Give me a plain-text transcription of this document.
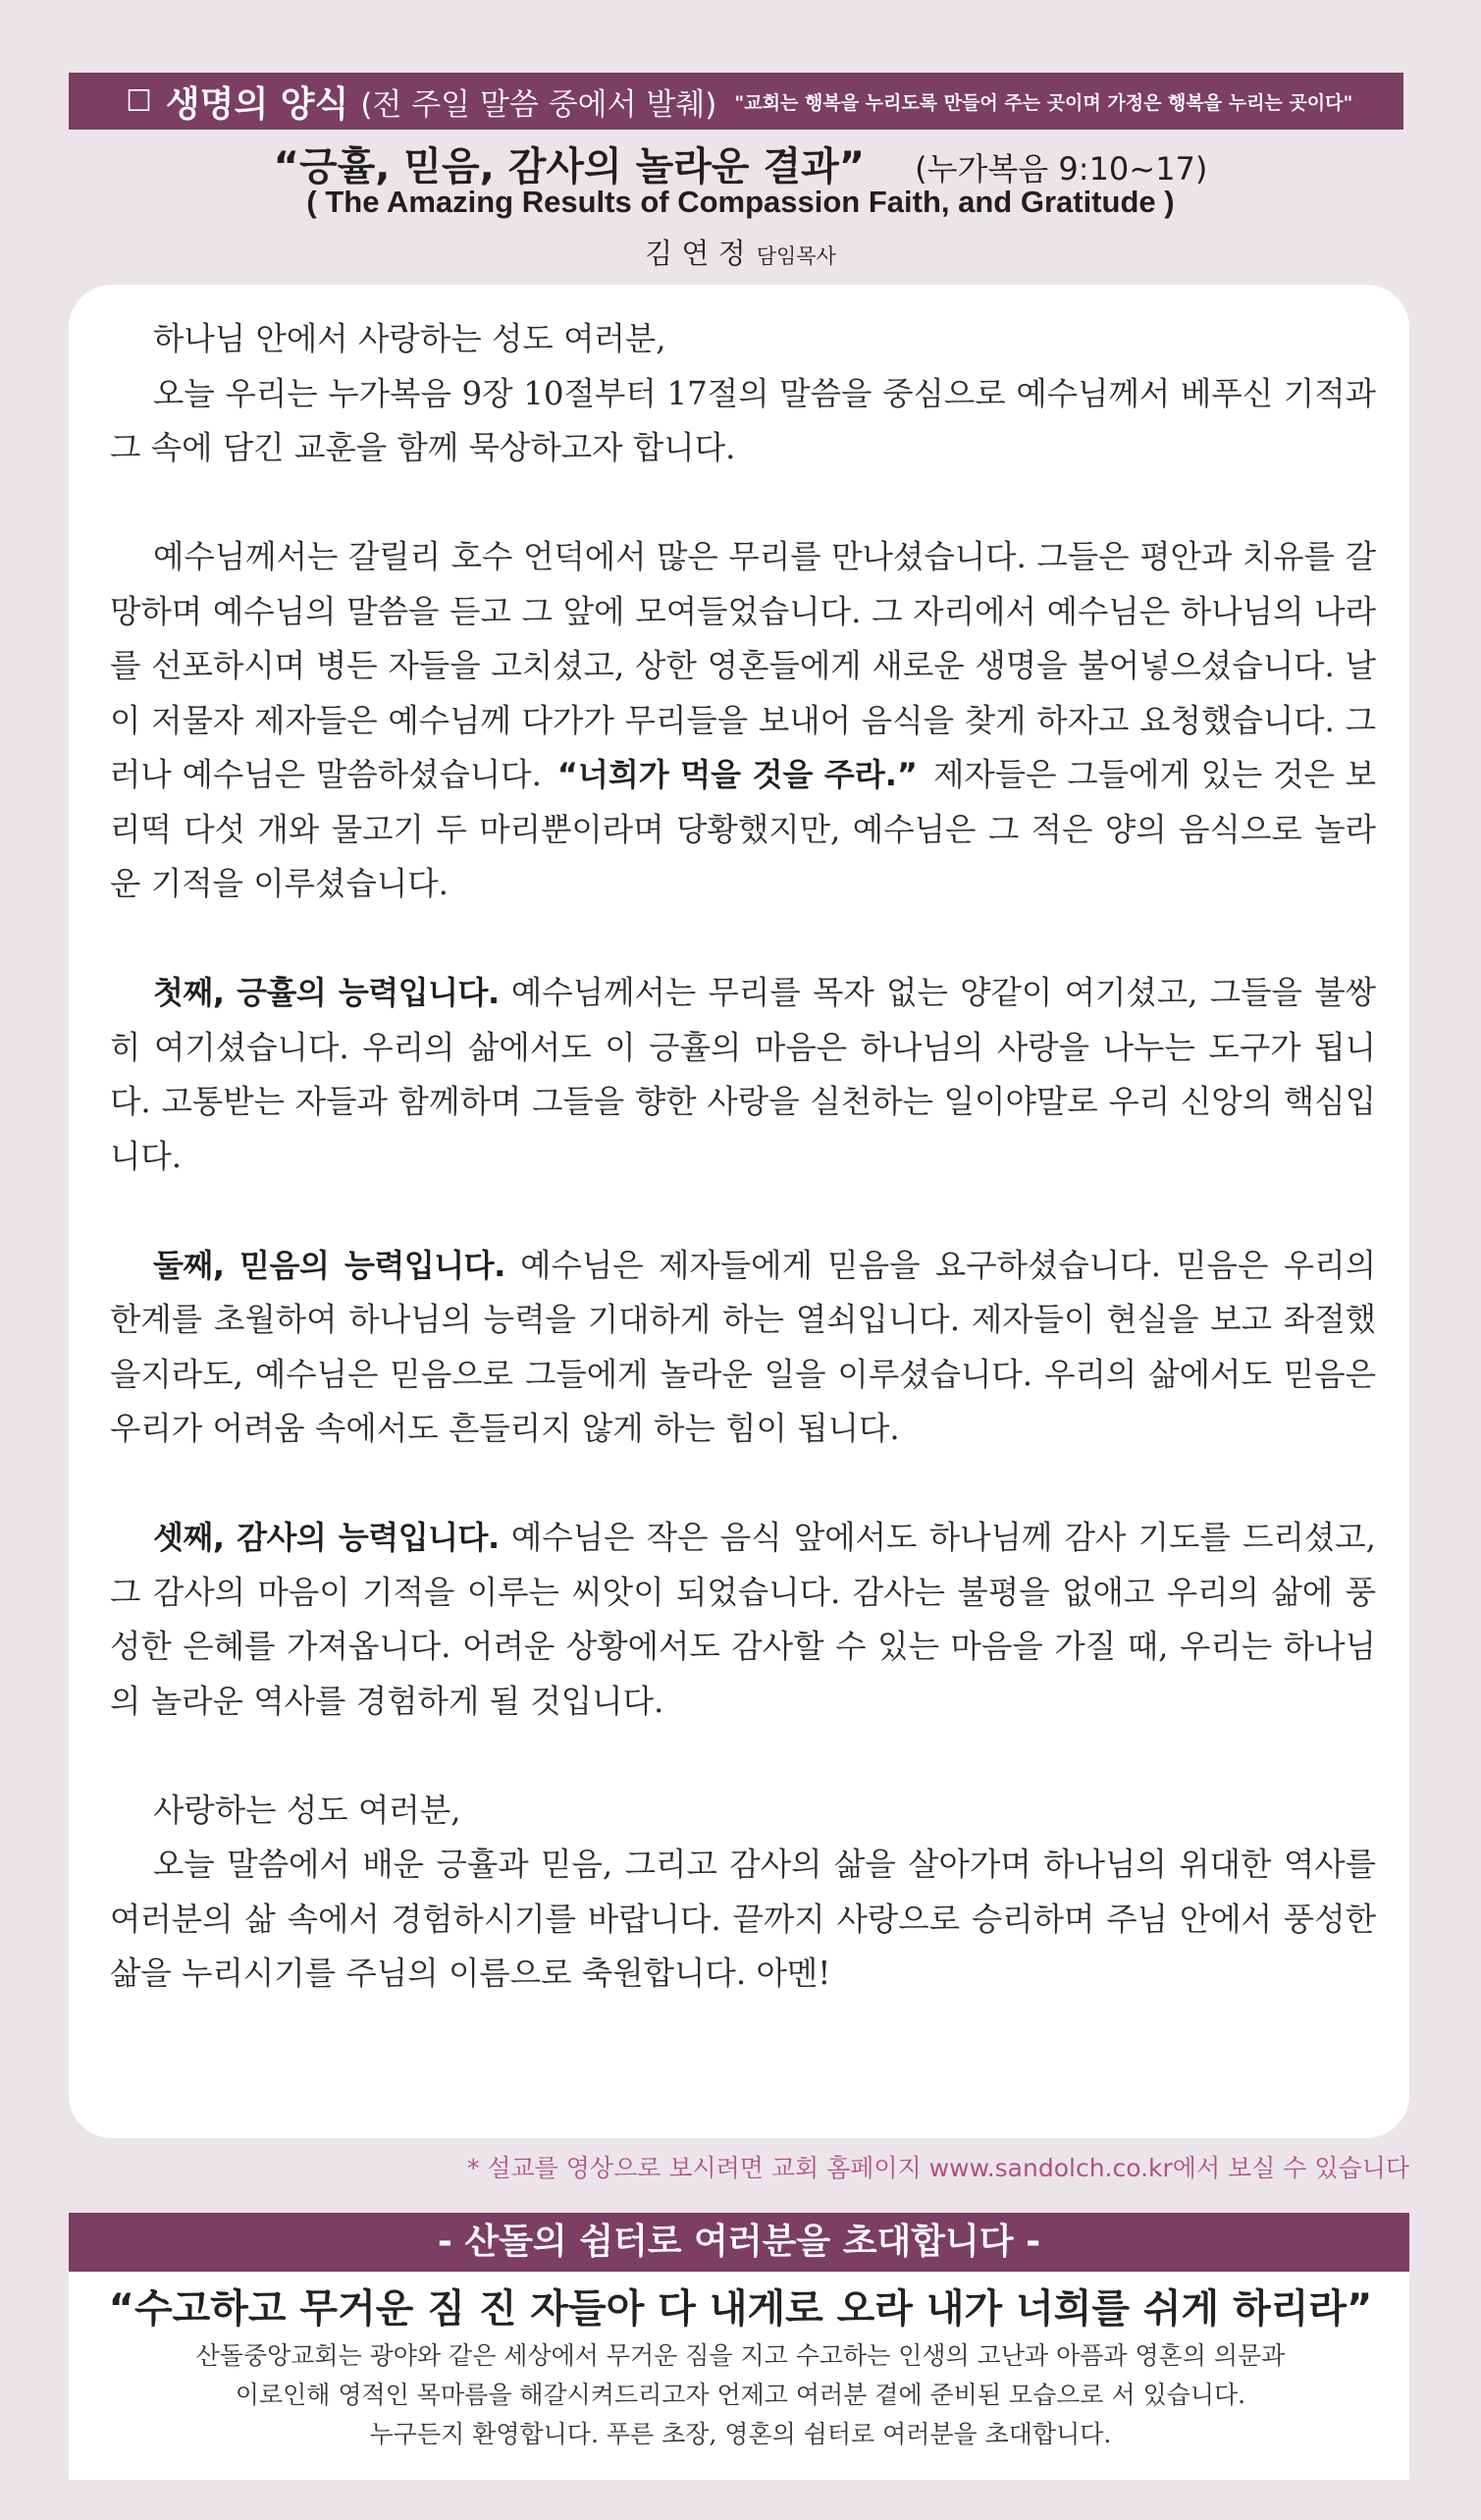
☐ 생명의 양식 (전 주일 말씀 중에서 발췌) "교회는 행복을 누리도록 만들어 주는 곳이며 가정은 행복을 누리는 곳이다"
“긍휼, 믿음, 감사의 놀라운 결과” (누가복음 9:10~17)
( The Amazing Results of Compassion Faith, and Gratitude )
김 연 정 담임목사

하나님 안에서 사랑하는 성도 여러분,

오늘 우리는 누가복음 9장 10절부터 17절의 말씀을 중심으로 예수님께서 베푸신 기적과 그 속에 담긴 교훈을 함께 묵상하고자 합니다.

예수님께서는 갈릴리 호수 언덕에서 많은 무리를 만나셨습니다. 그들은 평안과 치유를 갈망하며 예수님의 말씀을 듣고 그 앞에 모여들었습니다. 그 자리에서 예수님은 하나님의 나라를 선포하시며 병든 자들을 고치셨고, 상한 영혼들에게 새로운 생명을 불어넣으셨습니다. 날이 저물자 제자들은 예수님께 다가가 무리들을 보내어 음식을 찾게 하자고 요청했습니다. 그러나 예수님은 말씀하셨습니다. “너희가 먹을 것을 주라.” 제자들은 그들에게 있는 것은 보리떡 다섯 개와 물고기 두 마리뿐이라며 당황했지만, 예수님은 그 적은 양의 음식으로 놀라운 기적을 이루셨습니다.

첫째, 긍휼의 능력입니다. 예수님께서는 무리를 목자 없는 양같이 여기셨고, 그들을 불쌍히 여기셨습니다. 우리의 삶에서도 이 긍휼의 마음은 하나님의 사랑을 나누는 도구가 됩니다. 고통받는 자들과 함께하며 그들을 향한 사랑을 실천하는 일이야말로 우리 신앙의 핵심입니다.

둘째, 믿음의 능력입니다. 예수님은 제자들에게 믿음을 요구하셨습니다. 믿음은 우리의 한계를 초월하여 하나님의 능력을 기대하게 하는 열쇠입니다. 제자들이 현실을 보고 좌절했을지라도, 예수님은 믿음으로 그들에게 놀라운 일을 이루셨습니다. 우리의 삶에서도 믿음은 우리가 어려움 속에서도 흔들리지 않게 하는 힘이 됩니다.

셋째, 감사의 능력입니다. 예수님은 작은 음식 앞에서도 하나님께 감사 기도를 드리셨고, 그 감사의 마음이 기적을 이루는 씨앗이 되었습니다. 감사는 불평을 없애고 우리의 삶에 풍성한 은혜를 가져옵니다. 어려운 상황에서도 감사할 수 있는 마음을 가질 때, 우리는 하나님의 놀라운 역사를 경험하게 될 것입니다.

사랑하는 성도 여러분,

오늘 말씀에서 배운 긍휼과 믿음, 그리고 감사의 삶을 살아가며 하나님의 위대한 역사를 여러분의 삶 속에서 경험하시기를 바랍니다. 끝까지 사랑으로 승리하며 주님 안에서 풍성한 삶을 누리시기를 주님의 이름으로 축원합니다. 아멘!

* 설교를 영상으로 보시려면 교회 홈페이지 www.sandolch.co.kr에서 보실 수 있습니다
- 산돌의 쉼터로 여러분을 초대합니다 -
“수고하고 무거운 짐 진 자들아 다 내게로 오라 내가 너희를 쉬게 하리라”
산돌중앙교회는 광야와 같은 세상에서 무거운 짐을 지고 수고하는 인생의 고난과 아픔과 영혼의 의문과
이로인해 영적인 목마름을 해갈시켜드리고자 언제고 여러분 곁에 준비된 모습으로 서 있습니다.
누구든지 환영합니다. 푸른 초장, 영혼의 쉼터로 여러분을 초대합니다.
